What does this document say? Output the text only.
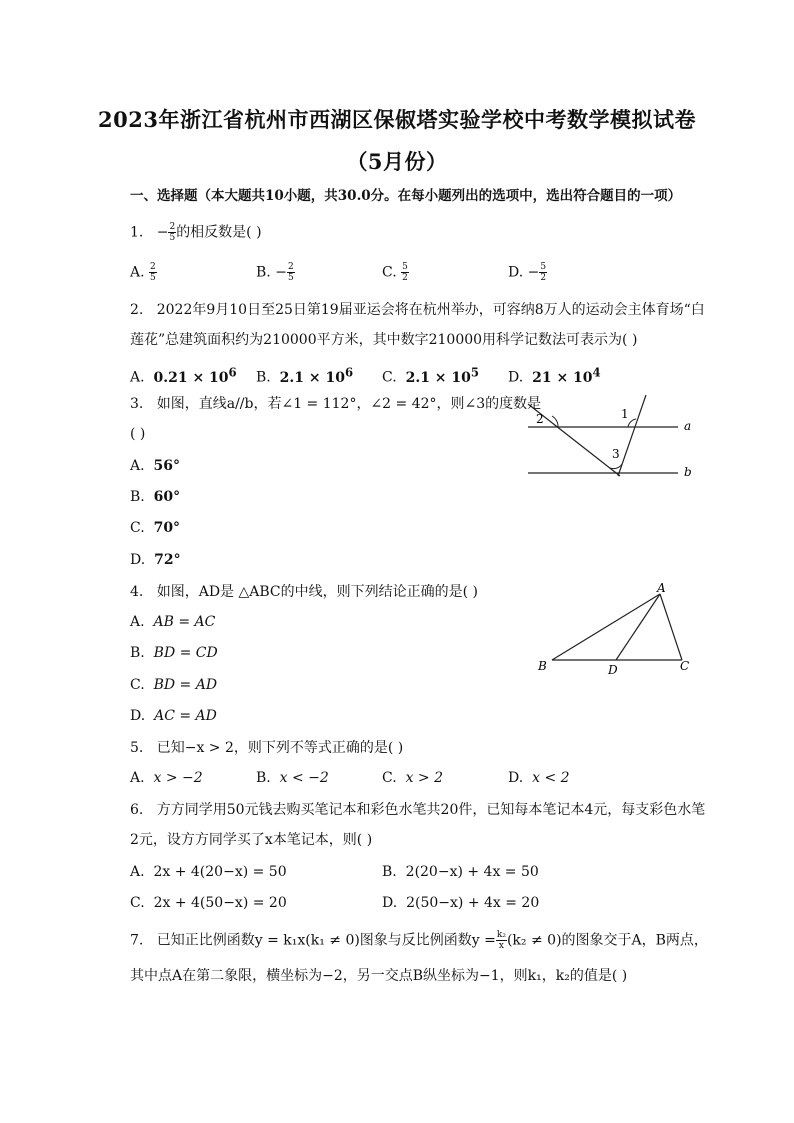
2023年浙江省杭州市西湖区保俶塔实验学校中考数学模拟试卷
（5月份）
一、选择题（本大题共10小题，共30.0分。在每小题列出的选项中，选出符合题目的一项）
1. − $\frac{2}{5}$ 的相反数是( )
A. $\frac{2}{5}$	B. − $\frac{2}{5}$	C. $\frac{5}{2}$	D. − $\frac{5}{2}$
2. 2022年9月10日至25日第19届亚运会将在杭州举办，可容纳8万人的运动会主体育场“白
莲花”总建筑面积约为210000平方米，其中数字210000用科学记数法可表示为( )
A. $0.21 \times 10^6$ B. $2.1 \times 10^6$ C. $2.1 \times 10^5$ D. $21 \times 10^4$
3. 如图，直线a//b，若∠1 = 112°，∠2 = 42°，则∠3的度数是
( )
A. 56°
B. 60°
C. 70°
D. 72°
a
b
1
2
3
4. 如图，AD是 △ABC的中线，则下列结论正确的是( )
A. AB = AC
B. BD = CD
C. BD = AD
D. AC = AD
A
B	C
D
5. 已知−x > 2，则下列不等式正确的是( )
A. x > −2	B. x < −2	C. x > 2	D. x < 2
6. 方方同学用50元钱去购买笔记本和彩色水笔共20件，已知每本笔记本4元，每支彩色水笔
2元，设方方同学买了x本笔记本，则( )
A. 2x + 4(20−x) = 50	B. 2(20−x) + 4x = 50
C. 2x + 4(50−x) = 20	D. 2(50−x) + 4x = 20
7. 已知正比例函数y = k₁x(k₁ ≠ 0)图象与反比例函数$y = \frac{\text{k₂}}{x} (k_2 \ne 0)$的图象交于A，B两点，
其中点A在第二象限，横坐标为−2，另一交点B纵坐标为−1，则k₁，k₂的值是( )
